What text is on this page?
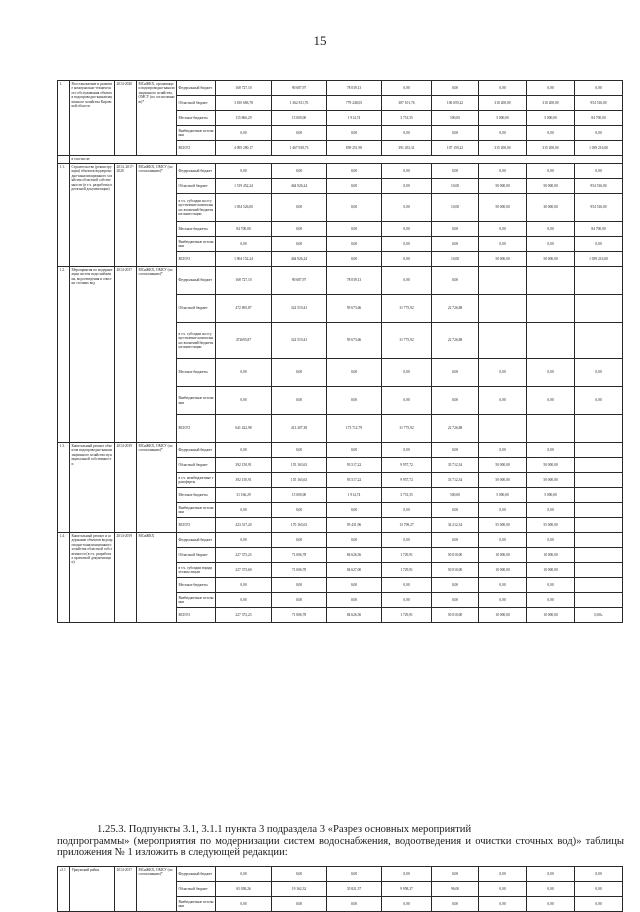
15
1.	Восстановление и развитие коммунально-технического обслуживания объектов водопроводно-канализационного хозяйства Кировской области	2014-2020	МСиЖКХ, организации водопроводно-канализационного хозяйства, ОМСУ (по согласованию)*	Федеральный бюджет	168 727,10	90 687,97	78 039,13	0,00	0,00	0,00	0,00	0,00
				Областной бюджет	3 810 686,78	1 362 811,76	779 248,03	387 101,76	106 659,22	310 200,00	310 200,00	954 516,00
				Местные бюджеты	115 866,29	15 000,00	1 914,74	3 751,55	500,00	5 000,00	5 000,00	84 700,00
				Внебюджетные источники	0,00	0,00	0,00	0,00	0,00	0,00	0,00	0,00
				ВСЕГО	4 095 280,17	1 467 939,73	859 251,90	391 453,31	107 159,22	315 200,00	315 200,00	1 039 216,00
	в том числе:											
1.1.	Строительство (реконструкция) объектов водопроводно-канализационного хозяйства областной собственности (в т.ч. разработка проектной документации)	2014, 2017-2020	МСиЖКХ, ОМСУ (по согласованию)*	Федеральный бюджет	0,00	0,00	0,00	0,00	0,00	0,00	0,00	0,00
				Областной бюджет	1 519 452,24	464 926,24	0,00	0,00	10,00	50 000,00	50 000,00	954 516,00
				в т.ч. субсидии на осуществление капитальных вложений бюджетные инвестиции	1 054 526,00	0,00	0,00	0,00	10,00	50 000,00	30 000,00	954 516,00
				Местные бюджеты	84 700,00	0,00	0,00	0,00	0,00	0,00	0,00	84 700,00
				Внебюджетные источники	0,00	0,00	0,00	0,00	0,00	0,00	0,00	0,00
				ВСЕГО	1 904 152,24	464 926,24	0,00	0,00	10,00	50 000,00	50 000,00	1 039 216,00
1.2.	Мероприятия по модернизации систем водоснабжения, водоотведения и очистки сточных вод	2014-2017	МСиЖКХ, ОМСУ (по согласованию)*	Федеральный бюджет	168 727,10	90 687,97	78 039,13	0,00	0,00			
				Областной бюджет	472 695,87	322 519,41	95 673,66	31 775,92	22 726,88			
				в т.ч. субсидии на осуществление капитальных вложений бюджетные инвестиции	472695,87	322 519,41	95 673,66	31 775,92	22 726,88			
				Местные бюджеты	0,00	0,00	0,00	0,00	0,00	0,00	0,00	0,00
				Внебюджетные источники	0,00	0,00	0,00	0,00	0,00	0,00	0,00	0,00
				ВСЕГО	641 422,98	413 207,38	173 712,79	31 775,92	22 726,88			
1.3.	Капитальный ремонт объектов водопроводно-канализационного хозяйства муниципальной собственности	2014-2019	МСиЖКХ, ОМСУ (по согласованию)*	Федеральный бюджет	0,00	0,00	0,00	0,00	0,00	0,00	0,00	
				Областной бюджет	392 150,91	155 163,63	93 517,22	9 957,72	33 712,34	50 000,00	50 000,00	
				в т.ч. межбюджетные трансферты	392 150,91	155 163,63	93 517,22	9 957,72	33 712,34	50 000,00	50 000,00	
				Местные бюджеты	31 166,29	15 000,00	1 914,74	3 751,55	500,00	5 000,00	5 000,00	
				Внебюджетные источники	0,00	0,00	0,00	0,00	0,00	0,00	0,00	
				ВСЕГО	423 317,20	170 163,63	95 431,96	13 709,27	34 212,34	55 000,00	55 000,00	
1.4.	Капитальный ремонт и содержание объектов водопроводно-канализационного хозяйства областной собственности (в т.ч. разработка проектной документации)	2014-2019	МСиЖКХ	Федеральный бюджет	0,00	0,00	0,00	0,00	0,00	0,00	0,00	
				Областной бюджет	227 373,23	71 006,78	84 626,56	1 729,91	50 010,00	10 000,00	10 000,00	
				в т.ч. субсидии юридическим лицам	227 373,60	71 006,78	84 627,00	1 729,91	50 010,00	10 000,00	10 000,00	
				Местные бюджеты	0,00	0,00	0,00	0,00	0,00	0,00	0,00	
				Внебюджетные источники	0,00	0,00	0,00	0,00	0,00	0,00	0,00	
				ВСЕГО	227 373,23	71 006,78	84 626,56	1 729,91	50 010,00	10 000,00	10 000,00	0,00»
1.25.3. Подпункты 3.1, 3.1.1 пункта 3 подраздела 3 «Разрез основных мероприятий
подпрограммы» (мероприятия по модернизации систем водоснабжения, водоотведения и очистки сточных вод)» таблицы приложения № 1 изложить в следующей редакции:
«3.1	Уржумский район	2014-2017	МСиЖКХ, ОМСУ (по согласованию)*	Федеральный бюджет	0,00	0,00	0,00	0,00	0,00	0,00	0,00	0,00
				Областной бюджет	65 038,26	19 162,32	35 821,57	9 958,37	96,00	0,00	0,00	0,00
				Внебюджетные источники	0,00	0,00	0,00	0,00	0,00	0,00	0,00	0,00
